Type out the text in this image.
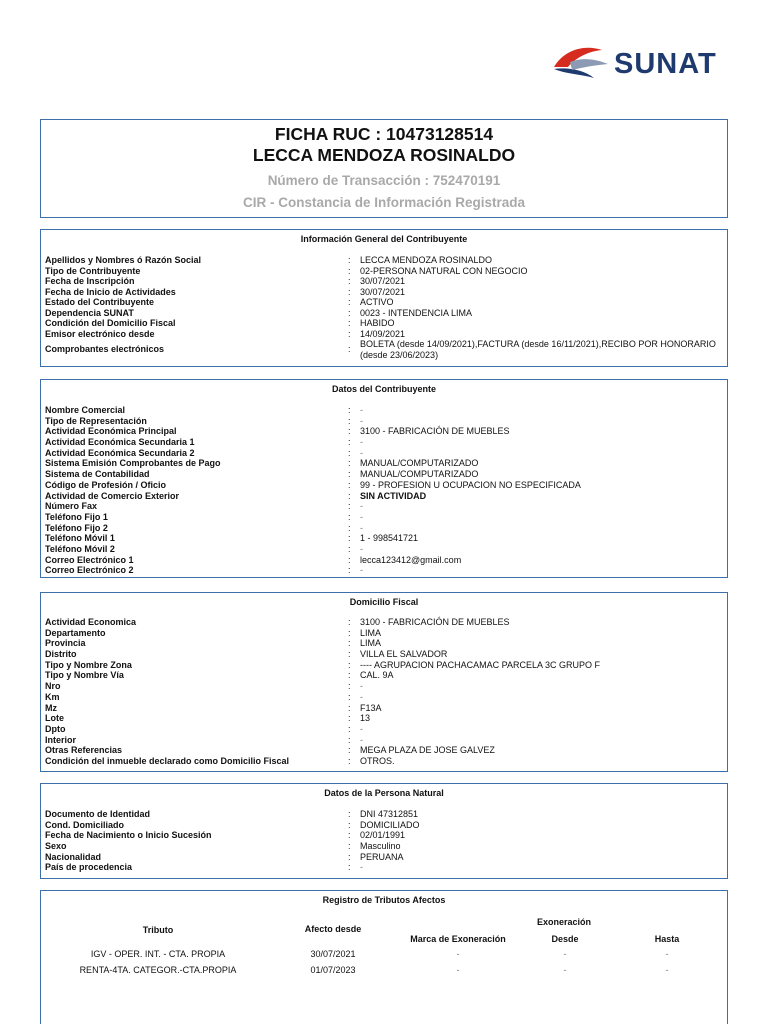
SUNAT
FICHA RUC : 10473128514
LECCA MENDOZA ROSINALDO
Número de Transacción : 752470191
CIR - Constancia de Información Registrada
Información General del Contribuyente
Apellidos y Nombres ó Razón Social	: LECCA MENDOZA ROSINALDO
Tipo de Contribuyente	: 02-PERSONA NATURAL CON NEGOCIO
Fecha de Inscripción	: 30/07/2021
Fecha de Inicio de Actividades	: 30/07/2021
Estado del Contribuyente	: ACTIVO
Dependencia SUNAT	: 0023 - INTENDENCIA LIMA
Condición del Domicilio Fiscal	: HABIDO
Emisor electrónico desde	: 14/09/2021
Comprobantes electrónicos	: BOLETA (desde 14/09/2021),FACTURA (desde 16/11/2021),RECIBO POR HONORARIO (desde 23/06/2023)
Datos del Contribuyente
Nombre Comercial	: -
Tipo de Representación	: -
Actividad Económica Principal	: 3100 - FABRICACIÓN DE MUEBLES
Actividad Económica Secundaria 1	: -
Actividad Económica Secundaria 2	: -
Sistema Emisión Comprobantes de Pago	: MANUAL/COMPUTARIZADO
Sistema de Contabilidad	: MANUAL/COMPUTARIZADO
Código de Profesión / Oficio	: 99 - PROFESION U OCUPACION NO ESPECIFICADA
Actividad de Comercio Exterior	: SIN ACTIVIDAD
Número Fax	: -
Teléfono Fijo 1	: -
Teléfono Fijo 2	: -
Teléfono Móvil 1	: 1 - 998541721
Teléfono Móvil 2	: -
Correo Electrónico 1	: lecca123412@gmail.com
Correo Electrónico 2	: -
Domicilio Fiscal
Actividad Economica	: 3100 - FABRICACIÓN DE MUEBLES
Departamento	: LIMA
Provincia	: LIMA
Distrito	: VILLA EL SALVADOR
Tipo y Nombre Zona	: ---- AGRUPACION PACHACAMAC PARCELA 3C GRUPO F
Tipo y Nombre Vía	: CAL. 9A
Nro	: -
Km	: -
Mz	: F13A
Lote	: 13
Dpto	: -
Interior	: -
Otras Referencias	: MEGA PLAZA DE JOSE GALVEZ
Condición del inmueble declarado como Domicilio Fiscal	: OTROS.
Datos de la Persona Natural
Documento de Identidad	: DNI 47312851
Cond. Domiciliado	: DOMICILIADO
Fecha de Nacimiento o Inicio Sucesión	: 02/01/1991
Sexo	: Masculino
Nacionalidad	: PERUANA
País de procedencia	: -
Registro de Tributos Afectos
Tributo	Afecto desde
Exoneración
Marca de Exoneración	Desde	Hasta
IGV - OPER. INT. - CTA. PROPIA	30/07/2021	-	-	-
RENTA-4TA. CATEGOR.-CTA.PROPIA	01/07/2023	-	-	-
